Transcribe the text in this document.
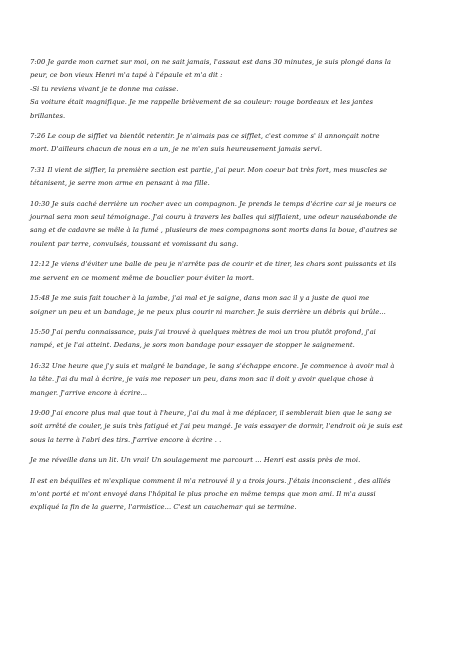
7:00 Je garde mon carnet sur moi, on ne sait jamais, l'assaut est dans 30 minutes, je suis plongé dans la
peur, ce bon vieux Henri m'a tapé à l'épaule et m'a dit :
-Si tu reviens vivant je te donne ma caisse.
Sa voiture était magnifique. Je me rappelle brièvement de sa couleur: rouge bordeaux et les jantes
brillantes.
7:26 Le coup de sifflet va bientôt retentir. Je n'aimais pas ce sifflet, c'est comme s' il annonçait notre
mort. D'ailleurs chacun de nous en a un, je ne m'en suis heureusement jamais servi.
7:31 Il vient de siffler, la première section est partie, j'ai peur. Mon coeur bat très fort, mes muscles se
tétanisent, je serre mon arme en pensant à ma fille.
10:30 Je suis caché derrière un rocher avec un compagnon. Je prends le temps d'écrire car si je meurs ce
journal sera mon seul témoignage. J'ai couru à travers les balles qui sifflaient, une odeur nauséabonde de
sang et de cadavre se mêle à la fumé , plusieurs de mes compagnons sont morts dans la boue, d'autres se
roulent par terre, convulsés, toussant et vomissant du sang.
12:12 Je viens d'éviter une balle de peu je n'arrête pas de courir et de tirer, les chars sont puissants et ils
me servent en ce moment même de bouclier pour éviter la mort.
15:48 Je me suis fait toucher à la jambe, j'ai mal et je saigne, dans mon sac il y a juste de quoi me
soigner un peu et un bandage, je ne peux plus courir ni marcher. Je suis derrière un débris qui brûle...
15:50 J'ai perdu connaissance, puis j'ai trouvé à quelques mètres de moi un trou plutôt profond, j'ai
rampé, et je l'ai atteint. Dedans, je sors mon bandage pour essayer de stopper le saignement.
16:32 Une heure que j'y suis et malgré le bandage, le sang s'échappe encore. Je commence à avoir mal à
la tête. J'ai du mal à écrire, je vais me reposer un peu, dans mon sac il doit y avoir quelque chose à
manger. J'arrive encore à écrire...
19:00 J'ai encore plus mal que tout à l'heure, j'ai du mal à me déplacer, il semblerait bien que le sang se
soit arrêté de couler, je suis très fatigué et j'ai peu mangé. Je vais essayer de dormir, l'endroit où je suis est
sous la terre à l'abri des tirs. J'arrive encore à écrire . .
Je me réveille dans un lit. Un vrai! Un soulagement me parcourt ... Henri est assis près de moi.
Il est en béquilles et m'explique comment il m'a retrouvé il y a trois jours. J'étais inconscient , des alliés
m'ont porté et m'ont envoyé dans l'hôpital le plus proche en même temps que mon ami. Il m'a aussi
expliqué la fin de la guerre, l'armistice... C'est un cauchemar qui se termine.
